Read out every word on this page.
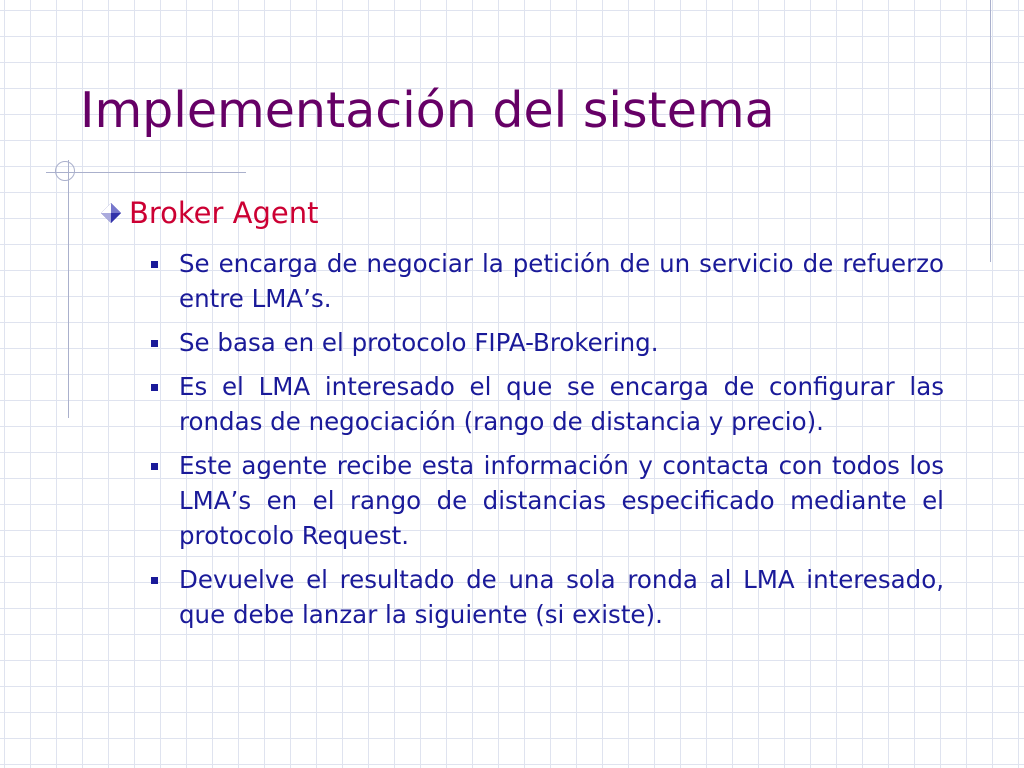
Implementación del sistema
Broker Agent
Se encarga de negociar la petición de un servicio de refuerzo entre LMA’s.
Se basa en el protocolo FIPA-Brokering.
Es el LMA interesado el que se encarga de configurar las rondas de negociación (rango de distancia y precio).
Este agente recibe esta información y contacta con todos los LMA’s en el rango de distancias especificado mediante el protocolo Request.
Devuelve el resultado de una sola ronda al LMA interesado, que debe lanzar la siguiente (si existe).
